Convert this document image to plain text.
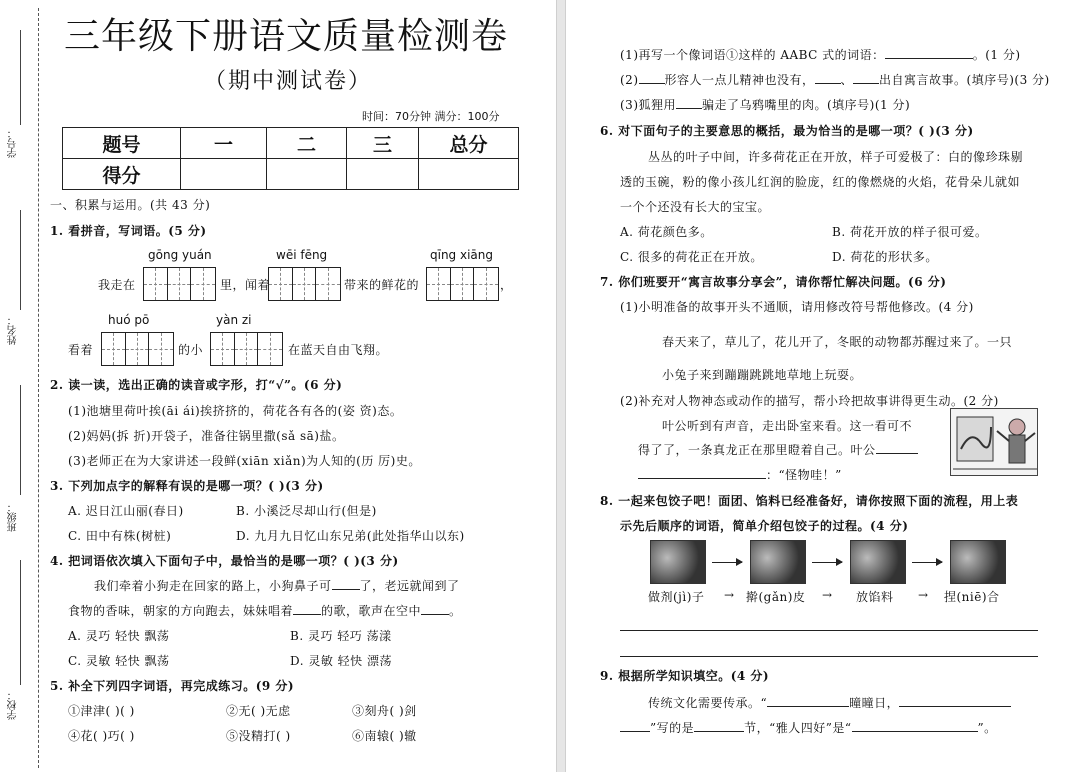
学号：
姓名：
班级：
学校：
三年级下册语文质量检测卷
（期中测试卷）
时间：70分钟 满分：100分
题号	一	二	三	总分
得分				
一、积累与运用。(共 43 分)
1. 看拼音，写词语。(5 分)
gōng yuán	wēi fēng	qīng xiāng
我走在	里，闻着	带来的鲜花的	，
huó pō	yàn zi
看着	的小	在蓝天自由飞翔。
2. 读一读，选出正确的读音或字形，打“√”。(6 分)
(1)池塘里荷叶挨(āi ái)挨挤挤的，荷花各有各的(姿 资)态。
(2)妈妈(拆 折)开袋子，准备往锅里撒(sǎ sā)盐。
(3)老师正在为大家讲述一段鲜(xiān xiǎn)为人知的(历 厉)史。
3. 下列加点字的解释有误的是哪一项？( )(3 分)
A. 迟日江山丽(春日)	B. 小溪泛尽却山行(但是)
C. 田中有株(树桩)	D. 九月九日忆山东兄弟(此处指华山以东)
4. 把词语依次填入下面句子中，最恰当的是哪一项？( )(3 分)
我们牵着小狗走在回家的路上，小狗鼻子可 了，老远就闻到了
食物的香味，朝家的方向跑去，妹妹唱着 的歌，歌声在空中 。
A. 灵巧 轻快 飘荡	B. 灵巧 轻巧 荡漾
C. 灵敏 轻快 飘荡	D. 灵敏 轻快 漂荡
5. 补全下列四字词语，再完成练习。(9 分)
①津津( )( )	②无( )无虑	③刻舟( )剑
④花( )巧( )	⑤没精打( )	⑥南辕( )辙
(1)再写一个像词语①这样的 AABC 式的词语：	。(1 分)
(2) 形容人一点儿精神也没有， 、 出自寓言故事。(填序号)(3 分)
(3)狐狸用 骗走了乌鸦嘴里的肉。(填序号)(1 分)
6. 对下面句子的主要意思的概括，最为恰当的是哪一项？( )(3 分)
丛丛的叶子中间，许多荷花正在开放，样子可爱极了：白的像珍珠剔
透的玉碗，粉的像小孩儿红润的脸庞，红的像燃烧的火焰，花骨朵儿就如
一个个还没有长大的宝宝。
A. 荷花颜色多。	B. 荷花开放的样子很可爱。
C. 很多的荷花正在开放。	D. 荷花的形状多。
7. 你们班要开“寓言故事分享会”，请你帮忙解决问题。(6 分)
(1)小明准备的故事开头不通顺，请用修改符号帮他修改。(4 分)
春天来了，草儿了，花儿开了，冬眠的动物都苏醒过来了。一只
小兔子来到蹦蹦跳跳地草地上玩耍。
(2)补充对人物神态或动作的描写，帮小玲把故事讲得更生动。(2 分)
叶公听到有声音，走出卧室来看。这一看可不
得了了，一条真龙正在那里瞪着自己。叶公
：“怪物哇！”
8. 一起来包饺子吧！面团、馅料已经准备好，请你按照下面的流程，用上表
示先后顺序的词语，简单介绍包饺子的过程。(4 分)
做剂(jì)子 → 擀(gǎn)皮 → 放馅料 → 捏(niē)合
9. 根据所学知识填空。(4 分)
传统文化需要传承。“	曈曈日，
”写的是	节，“雅人四好”是“	”。
